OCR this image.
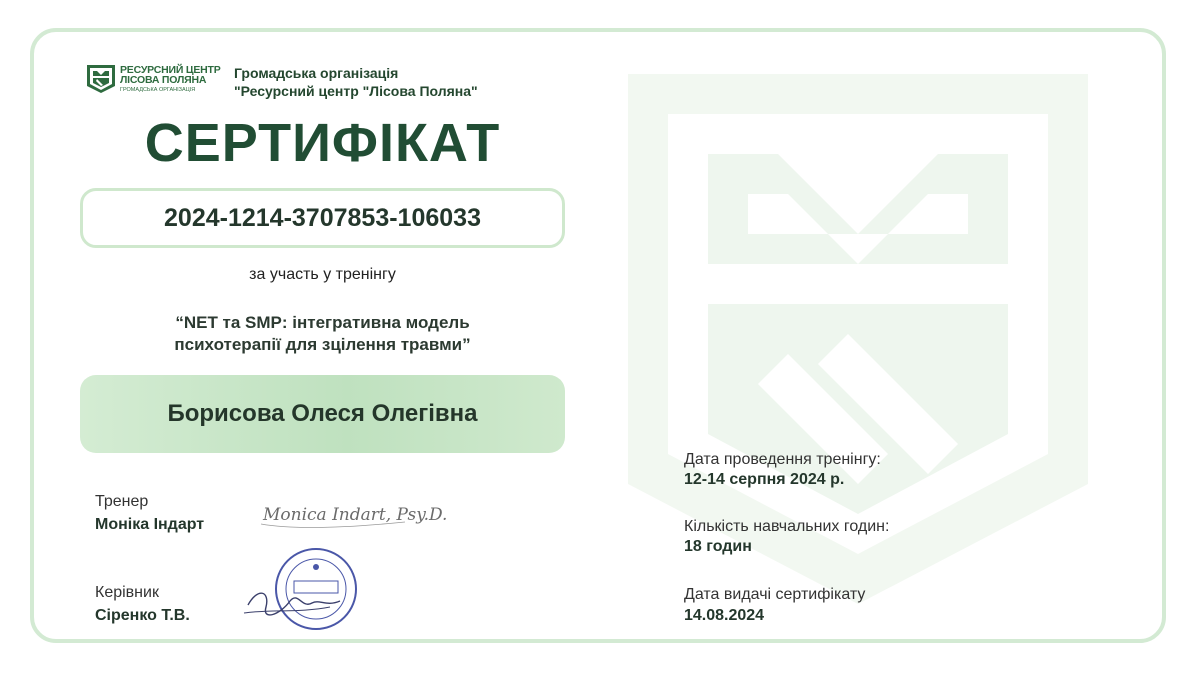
РЕСУРСНИЙ ЦЕНТР
ЛІСОВА ПОЛЯНА
ГРОМАДСЬКА ОРГАНІЗАЦІЯ
Громадська організація
"Ресурсний центр "Лісова Поляна"
СЕРТИФІКАТ
2024-1214-3707853-106033
за участь у тренінгу
“NET та SMP: інтегративна модель
психотерапії для зцілення травми”
Борисова Олеся Олегівна
Тренер
Моніка Індарт	Monica Indart, Psy.D.
Керівник
Сіренко Т.В.
Дата проведення тренінгу:
12-14 серпня 2024 р.
Кількість навчальних годин:
18 годин
Дата видачі сертифікату
14.08.2024
